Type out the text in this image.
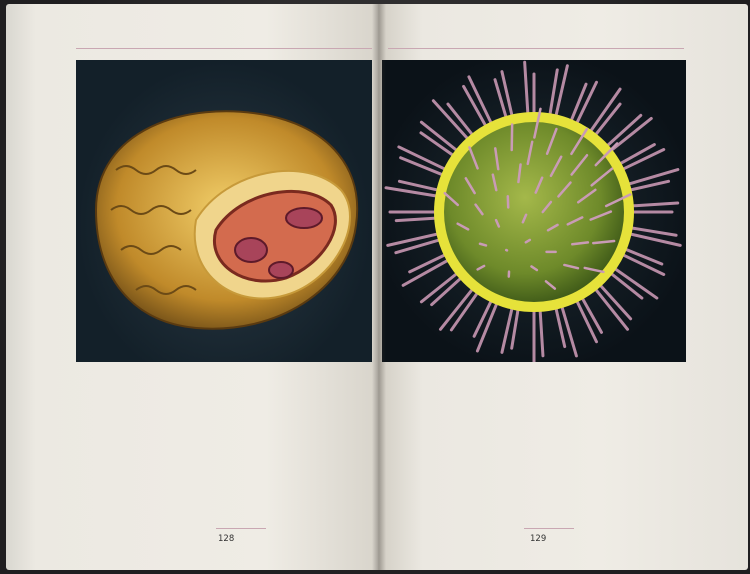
128	129
